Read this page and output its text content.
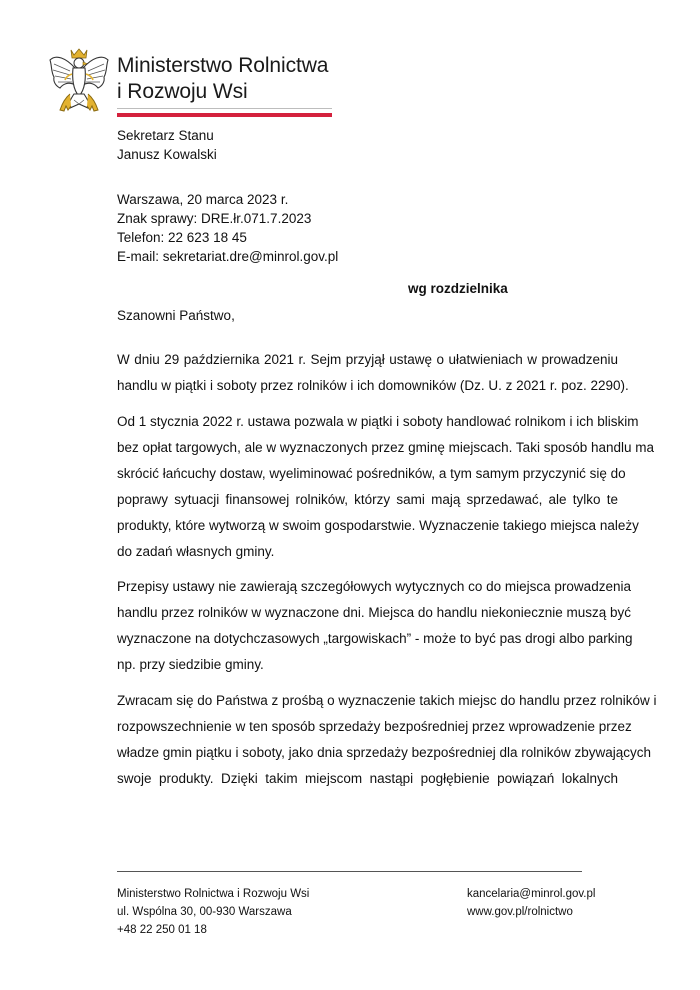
Ministerstwo Rolnictwa
i Rozwoju Wsi
Sekretarz Stanu
Janusz Kowalski
Warszawa, 20 marca 2023 r.
Znak sprawy: DRE.łr.071.7.2023
Telefon: 22 623 18 45
E-mail: sekretariat.dre@minrol.gov.pl
wg rozdzielnika
Szanowni Państwo,
W dniu 29 października 2021 r. Sejm przyjął ustawę o ułatwieniach w prowadzeniu
handlu w piątki i soboty przez rolników i ich domowników (Dz. U. z 2021 r. poz. 2290).
Od 1 stycznia 2022 r. ustawa pozwala w piątki i soboty handlować rolnikom i ich bliskim
bez opłat targowych, ale w wyznaczonych przez gminę miejscach. Taki sposób handlu ma
skrócić łańcuchy dostaw, wyeliminować pośredników, a tym samym przyczynić się do
poprawy sytuacji finansowej rolników, którzy sami mają sprzedawać, ale tylko te
produkty, które wytworzą w swoim gospodarstwie. Wyznaczenie takiego miejsca należy
do zadań własnych gminy.
Przepisy ustawy nie zawierają szczegółowych wytycznych co do miejsca prowadzenia
handlu przez rolników w wyznaczone dni. Miejsca do handlu niekoniecznie muszą być
wyznaczone na dotychczasowych „targowiskach” - może to być pas drogi albo parking
np. przy siedzibie gminy.
Zwracam się do Państwa z prośbą o wyznaczenie takich miejsc do handlu przez rolników i
rozpowszechnienie w ten sposób sprzedaży bezpośredniej przez wprowadzenie przez
władze gmin piątku i soboty, jako dnia sprzedaży bezpośredniej dla rolników zbywających
swoje produkty. Dzięki takim miejscom nastąpi pogłębienie powiązań lokalnych
Ministerstwo Rolnictwa i Rozwoju Wsi
ul. Wspólna 30, 00-930 Warszawa
+48 22 250 01 18
kancelaria@minrol.gov.pl
www.gov.pl/rolnictwo
